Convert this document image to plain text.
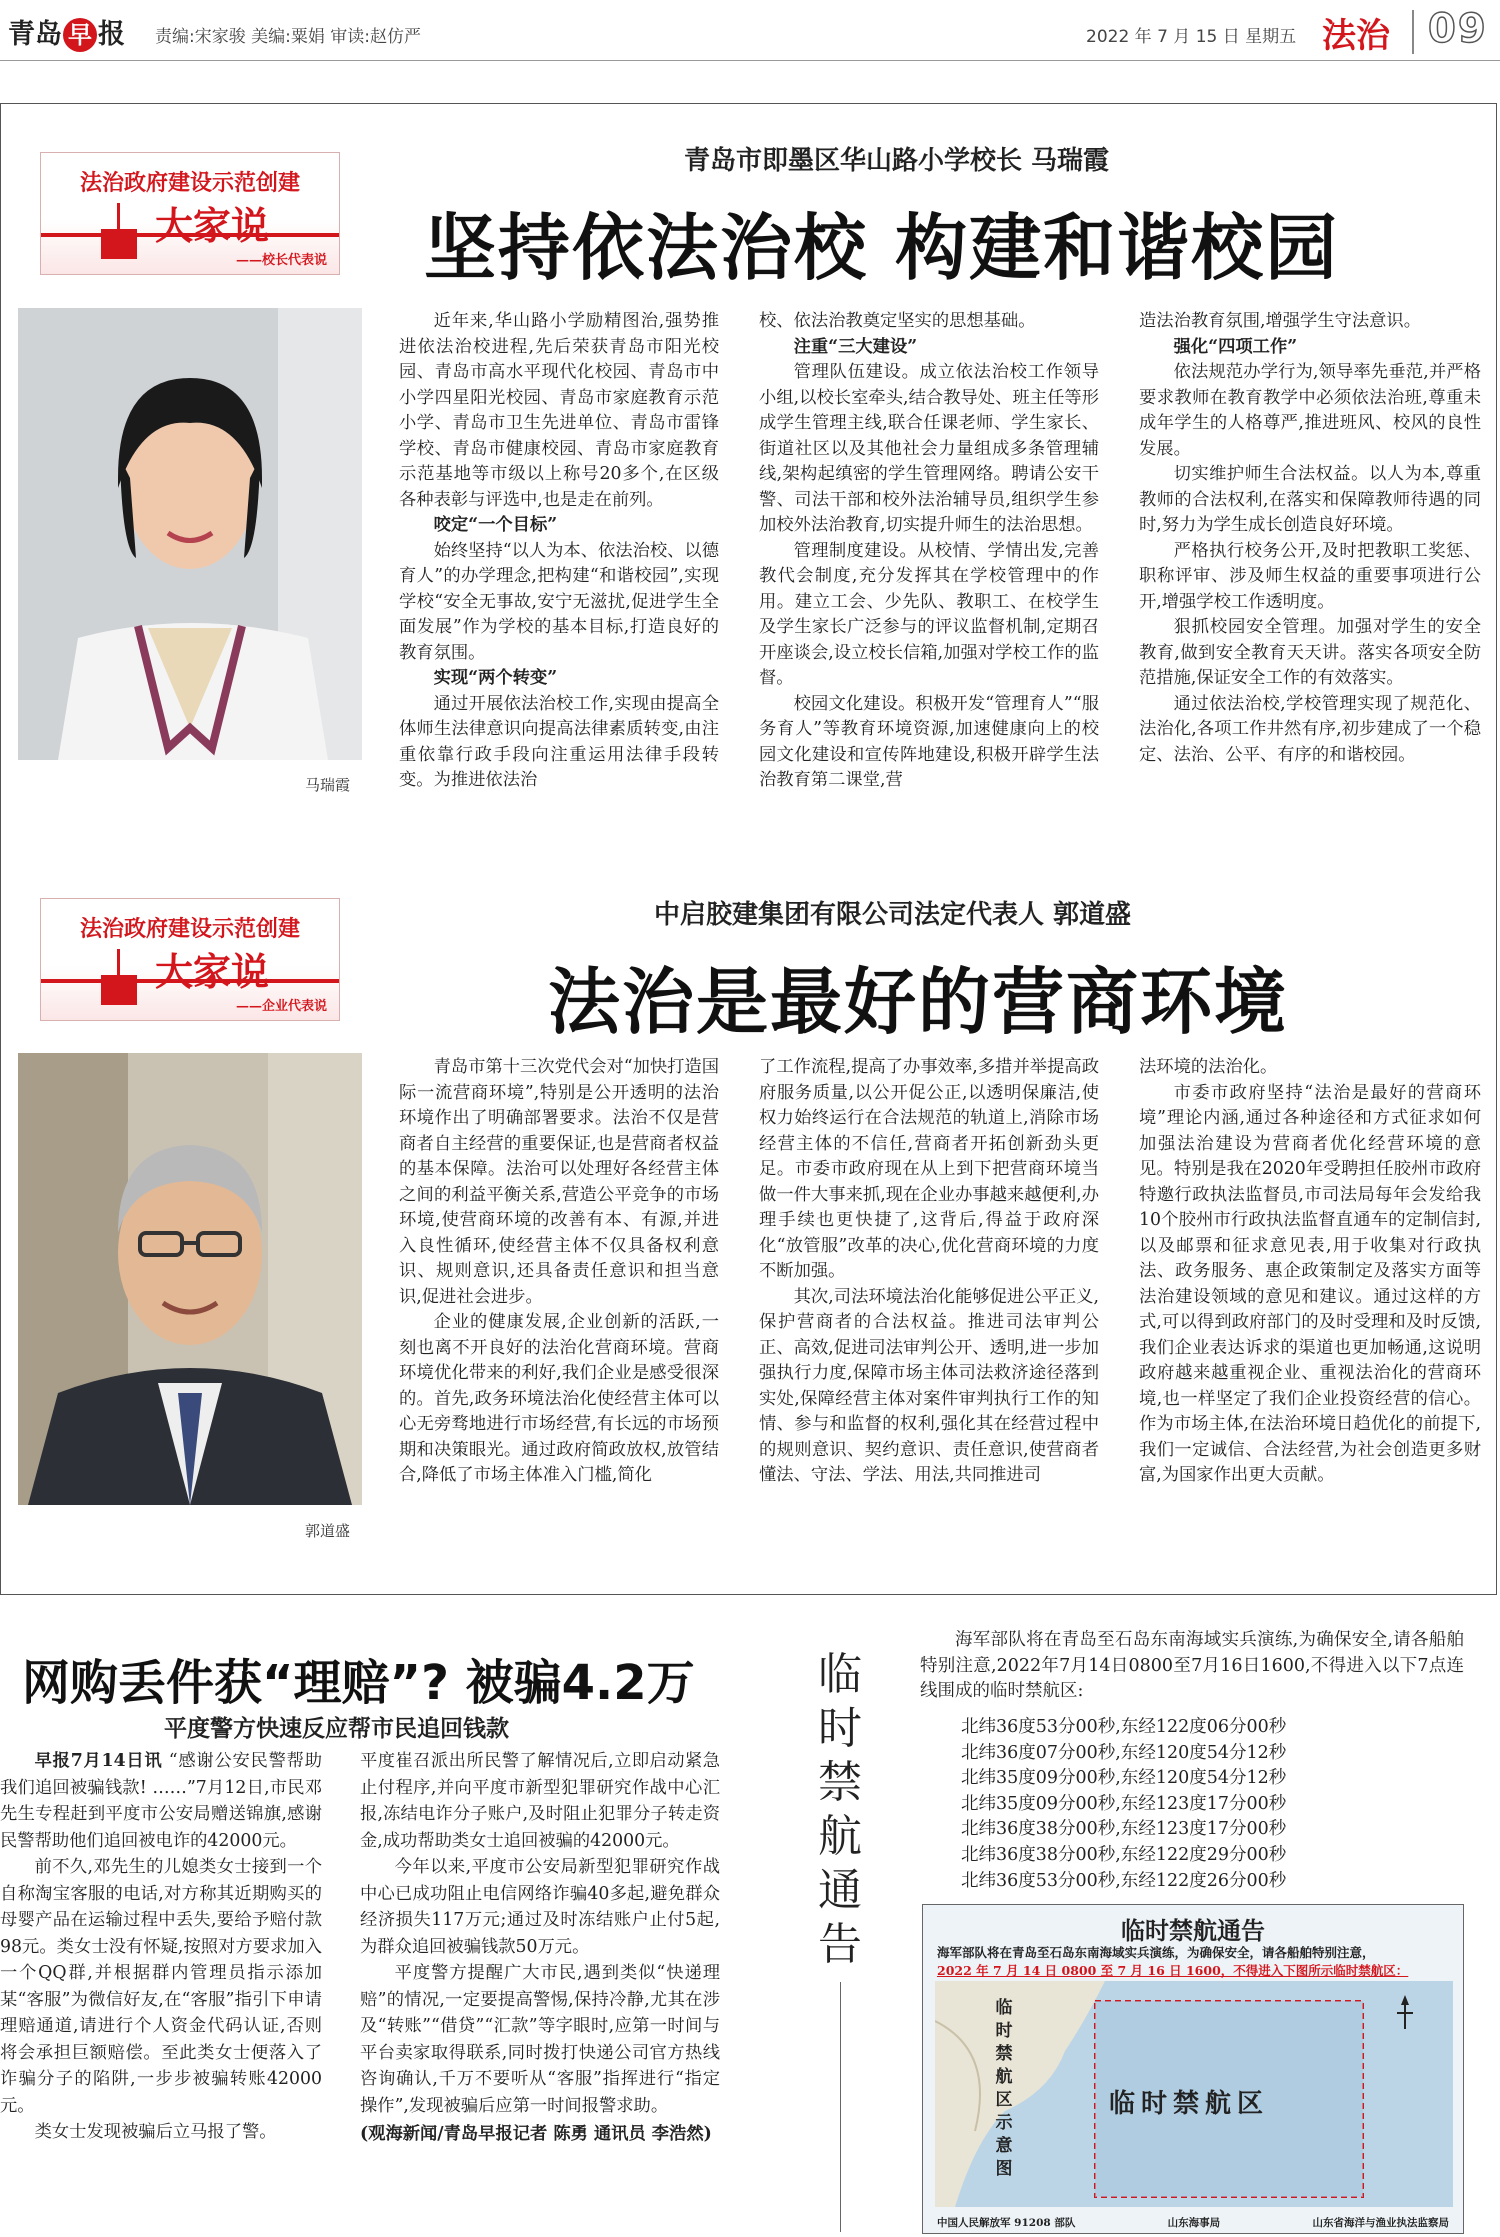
青岛 早 报 责编:宋家骏 美编:粟娟 审读:赵仿严	2022 年 7 月 15 日 星期五 法治 09
法治政府建设示范创建
大家说
——校长代表说
青岛市即墨区华山路小学校长 马瑞霞
坚持依法治校 构建和谐校园
马瑞霞

近年来,华山路小学励精图治,强势推进依法治校进程,先后荣获青岛市阳光校园、青岛市高水平现代化校园、青岛市中小学四星阳光校园、青岛市家庭教育示范小学、青岛市卫生先进单位、青岛市雷锋学校、青岛市健康校园、青岛市家庭教育示范基地等市级以上称号20多个,在区级各种表彰与评选中,也是走在前列。

咬定“一个目标”

始终坚持“以人为本、依法治校、以德育人”的办学理念,把构建“和谐校园”,实现学校“安全无事故,安宁无滋扰,促进学生全面发展”作为学校的基本目标,打造良好的教育氛围。

实现“两个转变”

通过开展依法治校工作,实现由提高全体师生法律意识向提高法律素质转变,由注重依靠行政手段向注重运用法律手段转变。为推进依法治

校、依法治教奠定坚实的思想基础。

注重“三大建设”

管理队伍建设。成立依法治校工作领导小组,以校长室牵头,结合教导处、班主任等形成学生管理主线,联合任课老师、学生家长、街道社区以及其他社会力量组成多条管理辅线,架构起缜密的学生管理网络。聘请公安干警、司法干部和校外法治辅导员,组织学生参加校外法治教育,切实提升师生的法治思想。

管理制度建设。从校情、学情出发,完善教代会制度,充分发挥其在学校管理中的作用。建立工会、少先队、教职工、在校学生及学生家长广泛参与的评议监督机制,定期召开座谈会,设立校长信箱,加强对学校工作的监督。

校园文化建设。积极开发“管理育人”“服务育人”等教育环境资源,加速健康向上的校园文化建设和宣传阵地建设,积极开辟学生法治教育第二课堂,营

造法治教育氛围,增强学生守法意识。

强化“四项工作”

依法规范办学行为,领导率先垂范,并严格要求教师在教育教学中必须依法治班,尊重未成年学生的人格尊严,推进班风、校风的良性发展。

切实维护师生合法权益。以人为本,尊重教师的合法权利,在落实和保障教师待遇的同时,努力为学生成长创造良好环境。

严格执行校务公开,及时把教职工奖惩、职称评审、涉及师生权益的重要事项进行公开,增强学校工作透明度。

狠抓校园安全管理。加强对学生的安全教育,做到安全教育天天讲。落实各项安全防范措施,保证安全工作的有效落实。

通过依法治校,学校管理实现了规范化、法治化,各项工作井然有序,初步建成了一个稳定、法治、公平、有序的和谐校园。

法治政府建设示范创建
大家说
——企业代表说
中启胶建集团有限公司法定代表人 郭道盛
法治是最好的营商环境
郭道盛

青岛市第十三次党代会对“加快打造国际一流营商环境”,特别是公开透明的法治环境作出了明确部署要求。法治不仅是营商者自主经营的重要保证,也是营商者权益的基本保障。法治可以处理好各经营主体之间的利益平衡关系,营造公平竞争的市场环境,使营商环境的改善有本、有源,并进入良性循环,使经营主体不仅具备权利意识、规则意识,还具备责任意识和担当意识,促进社会进步。

企业的健康发展,企业创新的活跃,一刻也离不开良好的法治化营商环境。营商环境优化带来的利好,我们企业是感受很深的。首先,政务环境法治化使经营主体可以心无旁骛地进行市场经营,有长远的市场预期和决策眼光。通过政府简政放权,放管结合,降低了市场主体准入门槛,简化

了工作流程,提高了办事效率,多措并举提高政府服务质量,以公开促公正,以透明保廉洁,使权力始终运行在合法规范的轨道上,消除市场经营主体的不信任,营商者开拓创新劲头更足。市委市政府现在从上到下把营商环境当做一件大事来抓,现在企业办事越来越便利,办理手续也更快捷了,这背后,得益于政府深化“放管服”改革的决心,优化营商环境的力度不断加强。

其次,司法环境法治化能够促进公平正义,保护营商者的合法权益。推进司法审判公正、高效,促进司法审判公开、透明,进一步加强执行力度,保障市场主体司法救济途径落到实处,保障经营主体对案件审判执行工作的知情、参与和监督的权利,强化其在经营过程中的规则意识、契约意识、责任意识,使营商者懂法、守法、学法、用法,共同推进司

法环境的法治化。

市委市政府坚持“法治是最好的营商环境”理论内涵,通过各种途径和方式征求如何加强法治建设为营商者优化经营环境的意见。特别是我在2020年受聘担任胶州市政府特邀行政执法监督员,市司法局每年会发给我10个胶州市行政执法监督直通车的定制信封,以及邮票和征求意见表,用于收集对行政执法、政务服务、惠企政策制定及落实方面等法治建设领域的意见和建议。通过这样的方式,可以得到政府部门的及时受理和及时反馈,我们企业表达诉求的渠道也更加畅通,这说明政府越来越重视企业、重视法治化的营商环境,也一样坚定了我们企业投资经营的信心。作为市场主体,在法治环境日趋优化的前提下,我们一定诚信、合法经营,为社会创造更多财富,为国家作出更大贡献。

网购丢件获“理赔”? 被骗4.2万
平度警方快速反应帮市民追回钱款

早报7月14日讯 “感谢公安民警帮助我们追回被骗钱款! ……”7月12日,市民邓先生专程赶到平度市公安局赠送锦旗,感谢民警帮助他们追回被电诈的42000元。

前不久,邓先生的儿媳类女士接到一个自称淘宝客服的电话,对方称其近期购买的母婴产品在运输过程中丢失,要给予赔付款98元。类女士没有怀疑,按照对方要求加入一个QQ群,并根据群内管理员指示添加某“客服”为微信好友,在“客服”指引下申请理赔通道,请进行个人资金代码认证,否则将会承担巨额赔偿。至此类女士便落入了诈骗分子的陷阱,一步步被骗转账42000元。

类女士发现被骗后立马报了警。

平度崔召派出所民警了解情况后,立即启动紧急止付程序,并向平度市新型犯罪研究作战中心汇报,冻结电诈分子账户,及时阻止犯罪分子转走资金,成功帮助类女士追回被骗的42000元。

今年以来,平度市公安局新型犯罪研究作战中心已成功阻止电信网络诈骗40多起,避免群众经济损失117万元;通过及时冻结账户止付5起,为群众追回被骗钱款50万元。

平度警方提醒广大市民,遇到类似“快递理赔”的情况,一定要提高警惕,保持冷静,尤其在涉及“转账”“借贷”“汇款”等字眼时,应第一时间与平台卖家取得联系,同时拨打快递公司官方热线咨询确认,千万不要听从“客服”指挥进行“指定操作”,发现被骗后应第一时间报警求助。

(观海新闻/青岛早报记者 陈勇 通讯员 李浩然)

临时禁航通告

海军部队将在青岛至石岛东南海域实兵演练,为确保安全,请各船舶特别注意,2022年7月14日0800至7月16日1600,不得进入以下7点连线围成的临时禁航区:

北纬36度53分00秒,东经122度06分00秒
北纬36度07分00秒,东经120度54分12秒
北纬35度09分00秒,东经120度54分12秒
北纬35度09分00秒,东经123度17分00秒
北纬36度38分00秒,东经123度17分00秒
北纬36度38分00秒,东经122度29分00秒
北纬36度53分00秒,东经122度26分00秒
临时禁航通告
海军部队将在青岛至石岛东南海域实兵演练，为确保安全，请各船舶特别注意，
2022 年 7 月 14 日 0800 至 7 月 16 日 1600，不得进入下图所示临时禁航区：
临时禁航区示意图
临时禁航区
中国人民解放军 91208 部队	山东海事局	山东省海洋与渔业执法监察局
